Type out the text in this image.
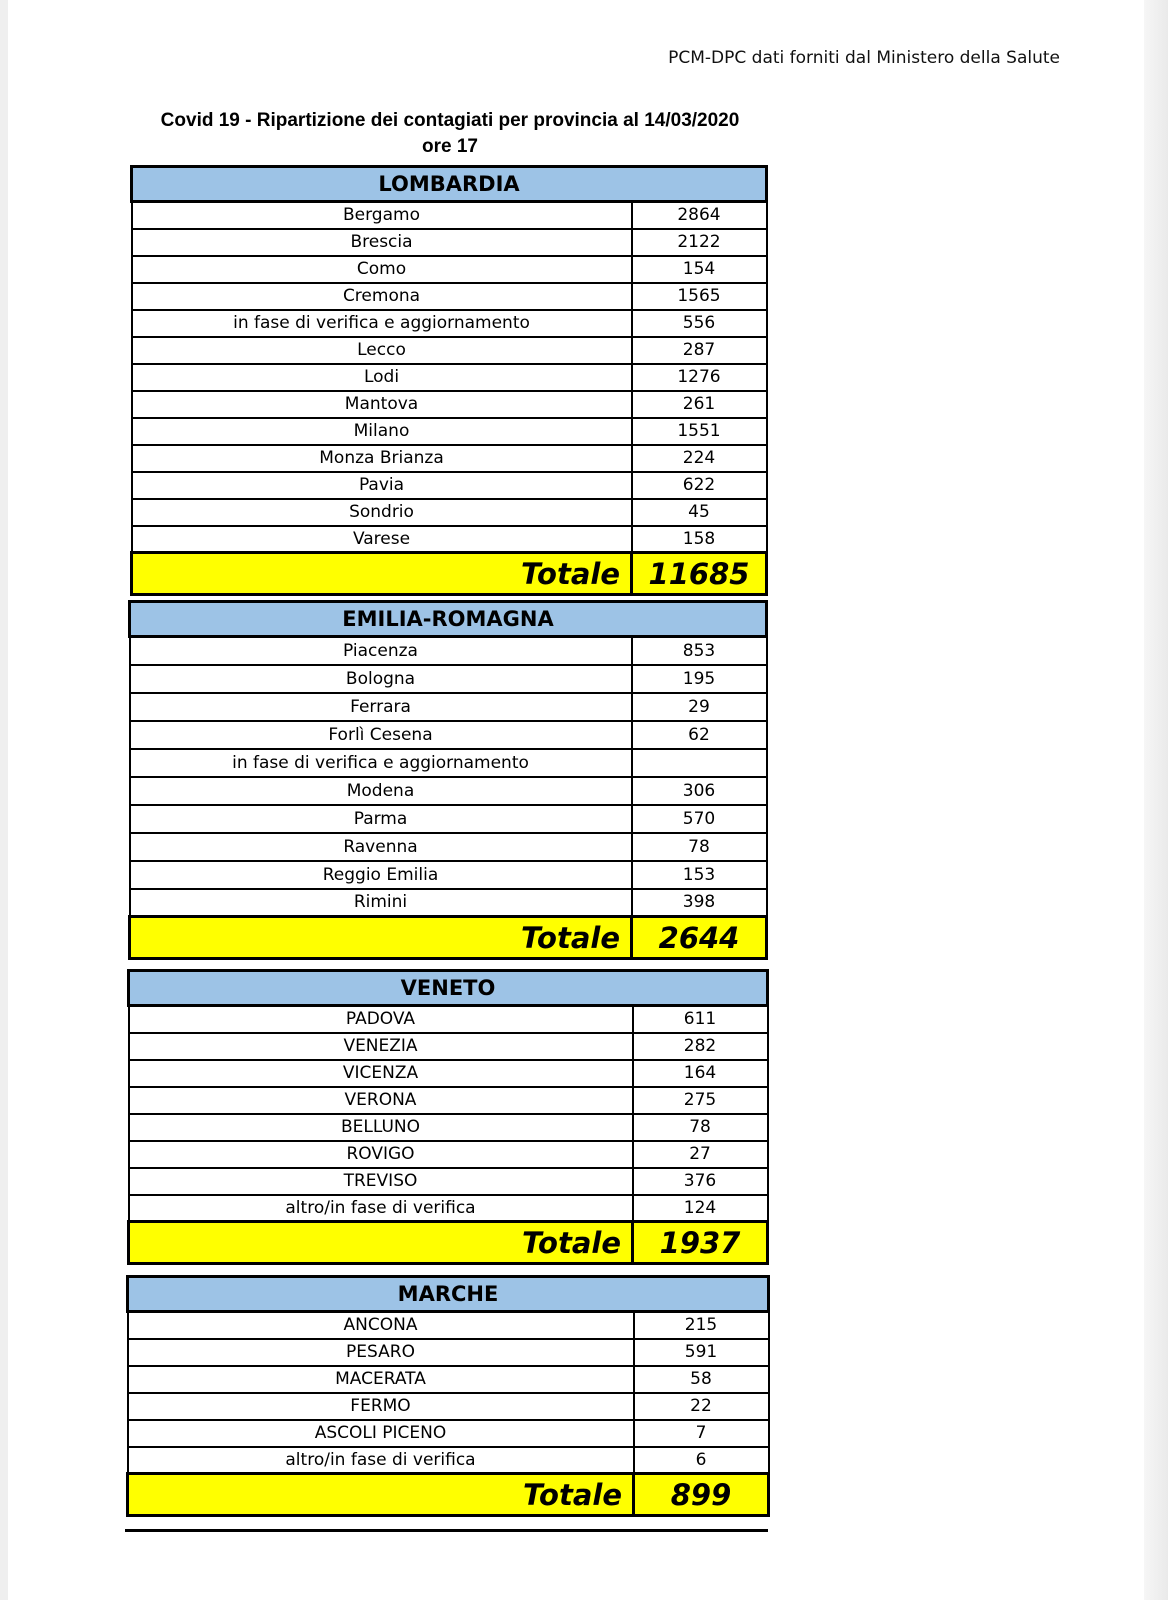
PCM-DPC dati forniti dal Ministero della Salute
Covid 19 - Ripartizione dei contagiati per provincia al 14/03/2020
ore 17
LOMBARDIA	
Bergamo	2864
Brescia	2122
Como	154
Cremona	1565
in fase di verifica e aggiornamento	556
Lecco	287
Lodi	1276
Mantova	261
Milano	1551
Monza Brianza	224
Pavia	622
Sondrio	45
Varese	158
Totale	11685
EMILIA-ROMAGNA	
Piacenza	853
Bologna	195
Ferrara	29
Forlì Cesena	62
in fase di verifica e aggiornamento	
Modena	306
Parma	570
Ravenna	78
Reggio Emilia	153
Rimini	398
Totale	2644
VENETO	
PADOVA	611
VENEZIA	282
VICENZA	164
VERONA	275
BELLUNO	78
ROVIGO	27
TREVISO	376
altro/in fase di verifica	124
Totale	1937
MARCHE	
ANCONA	215
PESARO	591
MACERATA	58
FERMO	22
ASCOLI PICENO	7
altro/in fase di verifica	6
Totale	899
